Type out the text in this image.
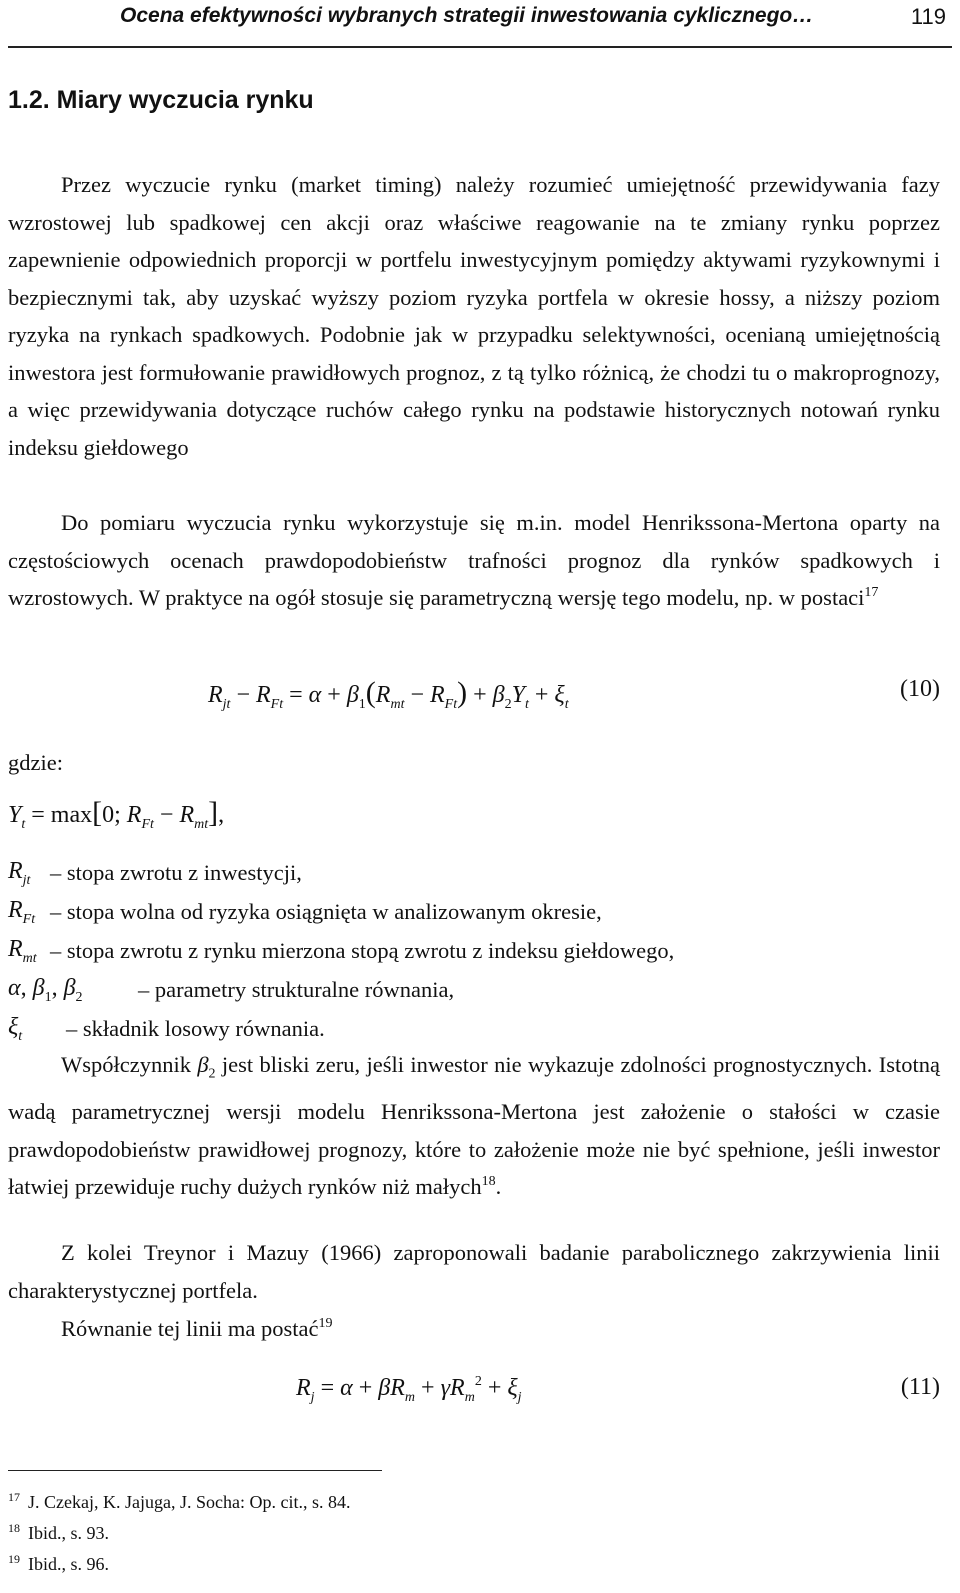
Ocena efektywności wybranych strategii inwestowania cyklicznego…	119
1.2. Miary wyczucia rynku

Przez wyczucie rynku (market timing) należy rozumieć umiejętność przewidywania fazy wzrostowej lub spadkowej cen akcji oraz właściwe reagowanie na te zmiany rynku poprzez zapewnienie odpowiednich proporcji w portfelu inwestycyjnym pomiędzy aktywami ryzykownymi i bezpiecznymi tak, aby uzyskać wyższy poziom ryzyka portfela w okresie hossy, a niższy poziom ryzyka na rynkach spadkowych. Podobnie jak w przypadku selektywności, ocenianą umiejętnością inwestora jest formułowanie prawidłowych prognoz, z tą tylko różnicą, że chodzi tu o makroprognozy, a więc przewidywania dotyczące ruchów całego rynku na podstawie historycznych notowań rynku indeksu giełdowego

Do pomiaru wyczucia rynku wykorzystuje się m.in. model Henrikssona-Mertona oparty na częstościowych ocenach prawdopodobieństw trafności prognoz dla rynków spadkowych i wzrostowych. W praktyce na ogół stosuje się parametryczną wersję tego modelu, np. w postaci$^{17}$

$R_{jt} - R_{Ft} = \alpha + \beta_1(R_{mt} - R_{Ft}) + \beta_2Y_t + \xi_t$
(10)
gdzie:
$Y_t = \max[0$; $R_{Ft} - R_{mt}$],
$R_{jt}$ – stopa zwrotu z inwestycji,
$R_{Ft}$ – stopa wolna od ryzyka osiągnięta w analizowanym okresie,
$R_{mt}$ – stopa zwrotu z rynku mierzona stopą zwrotu z indeksu giełdowego,
α, $\beta_1$, $\beta_2$ – parametry strukturalne równania,
$\xi_t$ – składnik losowy równania.

Współczynnik $\beta_2$ jest bliski zeru, jeśli inwestor nie wykazuje zdolności prognostycznych. Istotną wadą parametrycznej wersji modelu Henrikssona-Mertona jest założenie o stałości w czasie prawdopodobieństw prawidłowej prognozy, które to założenie może nie być spełnione, jeśli inwestor łatwiej przewiduje ruchy dużych rynków niż małych$^{18}$.

Z kolei Treynor i Mazuy (1966) zaproponowali badanie parabolicznego zakrzywienia linii charakterystycznej portfela.

Równanie tej linii ma postać$^{19}$

$R_j = \alpha + \beta R_m + \gamma R_m^2 + \xi_j$	(11)
$^{17}$ J. Czekaj, K. Jajuga, J. Socha: Op. cit., s. 84.
$^{18}$ Ibid., s. 93.
$^{19}$ Ibid., s. 96.
